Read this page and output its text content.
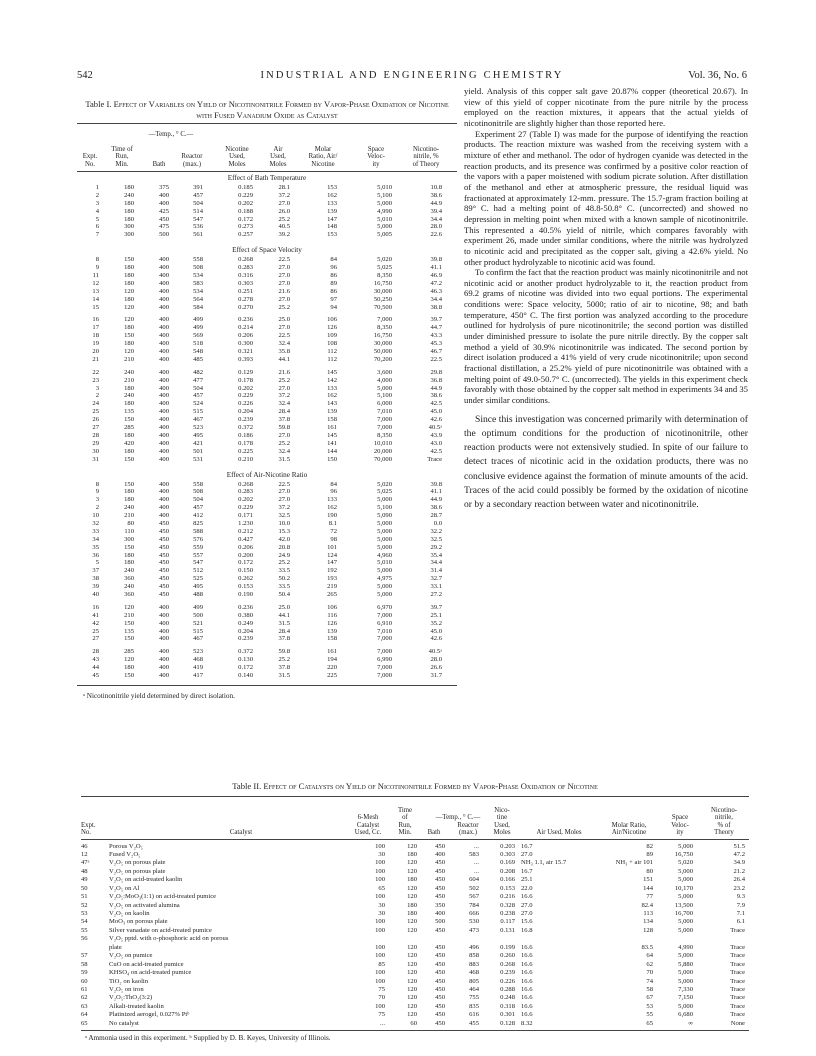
542	INDUSTRIAL AND ENGINEERING CHEMISTRY	Vol. 36, No. 6
Table I. Effect of Variables on Yield of Nicotinonitrile Formed by Vapor-Phase Oxidation of Nicotine with Fused Vanadium Oxide as Catalyst
—Temp., ° C.—
Expt.
No.
Time of
Run,
Min.	Bath
Reactor
(max.)
Nicotine
Used,
Moles
Air
Used,
Moles
Molar
Ratio, Air/
Nicotine
Space
Veloc-
ity
Nicotino-
nitrile, %
of Theory
Effect of Bath Temperature
1	180	375	391	0.185	28.1	153	5,010	10.8
2	240	400	457	0.229	37.2	162	5,100	38.6
3	180	400	504	0.202	27.0	133	5,000	44.9
4	180	425	514	0.188	26.0	139	4,990	39.4
5	180	450	547	0.172	25.2	147	5,010	34.4
6	300	475	536	0.273	40.5	148	5,000	28.0
7	300	500	561	0.257	39.2	153	5,005	22.6
Effect of Space Velocity
8	150	400	558	0.268	22.5	84	5,020	39.8
9	180	400	508	0.283	27.0	96	5,025	41.1
11	180	400	534	0.316	27.0	86	8,350	46.9
12	180	400	583	0.303	27.0	89	16,750	47.2
13	120	400	534	0.251	21.6	86	30,000	46.3
14	180	400	564	0.278	27.0	97	50,250	34.4
15	120	400	584	0.270	25.2	94	70,500	38.8
16	120	400	499	0.236	25.0	106	7,000	39.7
17	180	400	499	0.214	27.0	126	8,350	44.7
18	150	400	569	0.206	22.5	109	16,750	43.3
19	180	400	518	0.300	32.4	108	30,000	45.3
20	120	400	548	0.321	35.8	112	50,000	46.7
21	210	400	485	0.393	44.1	112	70,200	22.5
22	240	400	482	0.129	21.6	145	3,600	29.8
23	210	400	477	0.178	25.2	142	4,000	36.8
3	180	400	504	0.202	27.0	133	5,000	44.9
2	240	400	457	0.229	37.2	162	5,100	38.6
24	180	400	524	0.226	32.4	143	6,000	42.5
25	135	400	515	0.204	28.4	139	7,010	45.0
26	150	400	467	0.239	37.8	158	7,000	42.6
27	285	400	523	0.372	59.8	161	7,000	40.5ᵃ
28	180	400	495	0.186	27.0	145	8,350	43.9
29	420	400	421	0.178	25.2	141	10,010	43.0
30	180	400	501	0.225	32.4	144	20,000	42.5
31	150	400	531	0.210	31.5	150	70,000	Trace
Effect of Air-Nicotine Ratio
8	150	400	558	0.268	22.5	84	5,020	39.8
9	180	400	508	0.283	27.0	96	5,025	41.1
3	180	400	504	0.202	27.0	133	5,000	44.9
2	240	400	457	0.229	37.2	162	5,100	38.6
10	210	400	412	0.171	32.5	190	5,090	28.7
32	80	450	825	1.230	10.0	8.1	5,000	0.0
33	110	450	588	0.212	15.3	72	5,000	32.2
34	300	450	576	0.427	42.0	98	5,000	32.5
35	150	450	559	0.206	20.8	101	5,000	29.2
36	180	450	557	0.200	24.9	124	4,960	35.4
5	180	450	547	0.172	25.2	147	5,010	34.4
37	240	450	512	0.150	33.5	192	5,000	31.4
38	360	450	525	0.262	50.2	193	4,975	32.7
39	240	450	495	0.153	33.5	219	5,000	33.1
40	360	450	488	0.190	50.4	265	5,000	27.2
16	120	400	499	0.236	25.0	106	6,970	39.7
41	210	400	500	0.380	44.1	116	7,000	25.1
42	150	400	521	0.249	31.5	126	6,910	35.2
25	135	400	515	0.204	28.4	139	7,010	45.0
27	150	400	467	0.239	37.8	158	7,000	42.6
28	285	400	523	0.372	59.8	161	7,000	40.5ᵃ
43	120	400	468	0.130	25.2	194	6,990	28.0
44	180	400	419	0.172	37.8	220	7,000	26.6
45	150	400	417	0.140	31.5	225	7,000	31.7
ᵃ Nicotinonitrile yield determined by direct isolation.

yield. Analysis of this copper salt gave 20.87% copper (theoretical 20.67). In view of this yield of copper nicotinate from the pure nitrile by the process employed on the reaction mixtures, it appears that the actual yields of nicotinonitrile are slightly higher than those reported here.

Experiment 27 (Table I) was made for the purpose of identifying the reaction products. The reaction mixture was washed from the receiving system with a mixture of ether and methanol. The odor of hydrogen cyanide was detected in the reaction products, and its presence was confirmed by a positive color reaction of the vapors with a paper moistened with sodium picrate solution. After distillation of the methanol and ether at atmospheric pressure, the residual liquid was fractionated at approximately 12-mm. pressure. The 15.7-gram fraction boiling at 89° C. had a melting point of 48.8-50.8° C. (uncorrected) and showed no depression in melting point when mixed with a known sample of nicotinonitrile. This represented a 40.5% yield of nitrile, which compares favorably with experiment 26, made under similar conditions, where the nitrile was hydrolyzed to nicotinic acid and precipitated as the copper salt, giving a 42.6% yield. No other product hydrolyzable to nicotinic acid was found.

To confirm the fact that the reaction product was mainly nicotinonitrile and not nicotinic acid or another product hydrolyzable to it, the reaction product from 69.2 grams of nicotine was divided into two equal portions. The experimental conditions were: Space velocity, 5000; ratio of air to nicotine, 98; and bath temperature, 450° C. The first portion was analyzed according to the procedure outlined for hydrolysis of pure nicotinonitrile; the second portion was distilled under diminished pressure to isolate the pure nitrile directly. By the copper salt method a yield of 30.9% nicotinonitrile was indicated. The second portion by direct isolation produced a 41% yield of very crude nicotinonitrile; upon second fractional distillation, a 25.2% yield of pure nicotinonitrile was obtained with a melting point of 49.0-50.7° C. (uncorrected). The yields in this experiment check favorably with those obtained by the copper salt method in experiments 34 and 35 under similar conditions.

Since this investigation was concerned primarily with determination of the optimum conditions for the production of nicotinonitrile, other reaction products were not extensively studied. In spite of our failure to detect traces of nicotinic acid in the oxidation products, there was no conclusive evidence against the formation of minute amounts of the acid. Traces of the acid could possibly be formed by the oxidation of nicotine or by a secondary reaction between water and nicotinonitrile.

Table II. Effect of Catalysts on Yield of Nicotinonitrile Formed by Vapor-Phase Oxidation of Nicotine
Expt.
No.	Catalyst
6-Mesh
Catalyst
Used, Cc.
Time
of
Run,
Min.
—Temp., ° C.—
Bath
Reactor
(max.)
Nico-
tine
Used,
Moles	Air Used, Moles
Molar Ratio,
Air/Nicotine
Space
Veloc-
ity
Nicotino-
nitrile,
% of
Theory
46	Porous V₂O₅	100	120	450	...	0.203 16.7	82	5,000	51.5
12	Fused V₂O₅	30	180	400	583	0.303 27.0	89	16,750	47.2
47ᵃ	V₂O₅ on porous plate	100	120	450	...	0.169 NH₃ 1.1, air 15.7	NH₃ + air 101	5,020	34.9
48	V₂O₅ on porous plate	100	120	450	...	0.208 16.7	80	5,000	21.2
49	V₂O₅ on acid-treated kaolin	100	180	450	604	0.166 25.1	151	5,000	26.4
50	V₂O₅ on Al	65	120	450	502	0.153 22.0	144	10,170	23.2
51	V₂O₅:MoO₃(1:1) on acid-treated pumice	100	120	450	567	0.216 16.6	77	5,000	9.3
52	V₂O₅ on activated alumina	30	180	350	784	0.328 27.0	82.4	13,500	7.9
53	V₂O₅ on kaolin	30	180	400	666	0.238 27.0	113	16,700	7.1
54	MoO₃ on porous plate	100	120	500	530	0.117 15.6	134	5,000	6.1
55	Silver vanadate on acid-treated pumice	100	120	450	473	0.131 16.8	128	5,000	Trace
56	V₂O₅ pptd. with o-phosphoric acid on porous
plate	100	120	450	496	0.199 16.6	83.5	4,990	Trace
57	V₂O₅ on pumice	100	120	450	858	0.260 16.6	64	5,000	Trace
58	CuO on acid-treated pumice	85	120	450	883	0.268 16.6	62	5,880	Trace
59	KHSO₄ on acid-treated pumice	100	120	450	468	0.239 16.6	70	5,000	Trace
60	TiO₂ on kaolin	100	120	450	805	0.226 16.6	74	5,000	Trace
61	V₂O₅ on iron	75	120	450	464	0.288 16.6	58	7,330	Trace
62	V₂O₅:ThO₂(3:2)	70	120	450	755	0.248 16.6	67	7,150	Trace
63	Alkali-treated kaolin	100	120	450	835	0.318 16.6	53	5,000	Trace
64	Platinized aerogel, 0.027% Ptᵇ	75	120	450	616	0.301 16.6	55	6,680	Trace
65	No catalyst	...	60	450	455	0.128 8.32	65	∞	None
ᵃ Ammonia used in this experiment. ᵇ Supplied by D. B. Keyes, University of Illinois.
